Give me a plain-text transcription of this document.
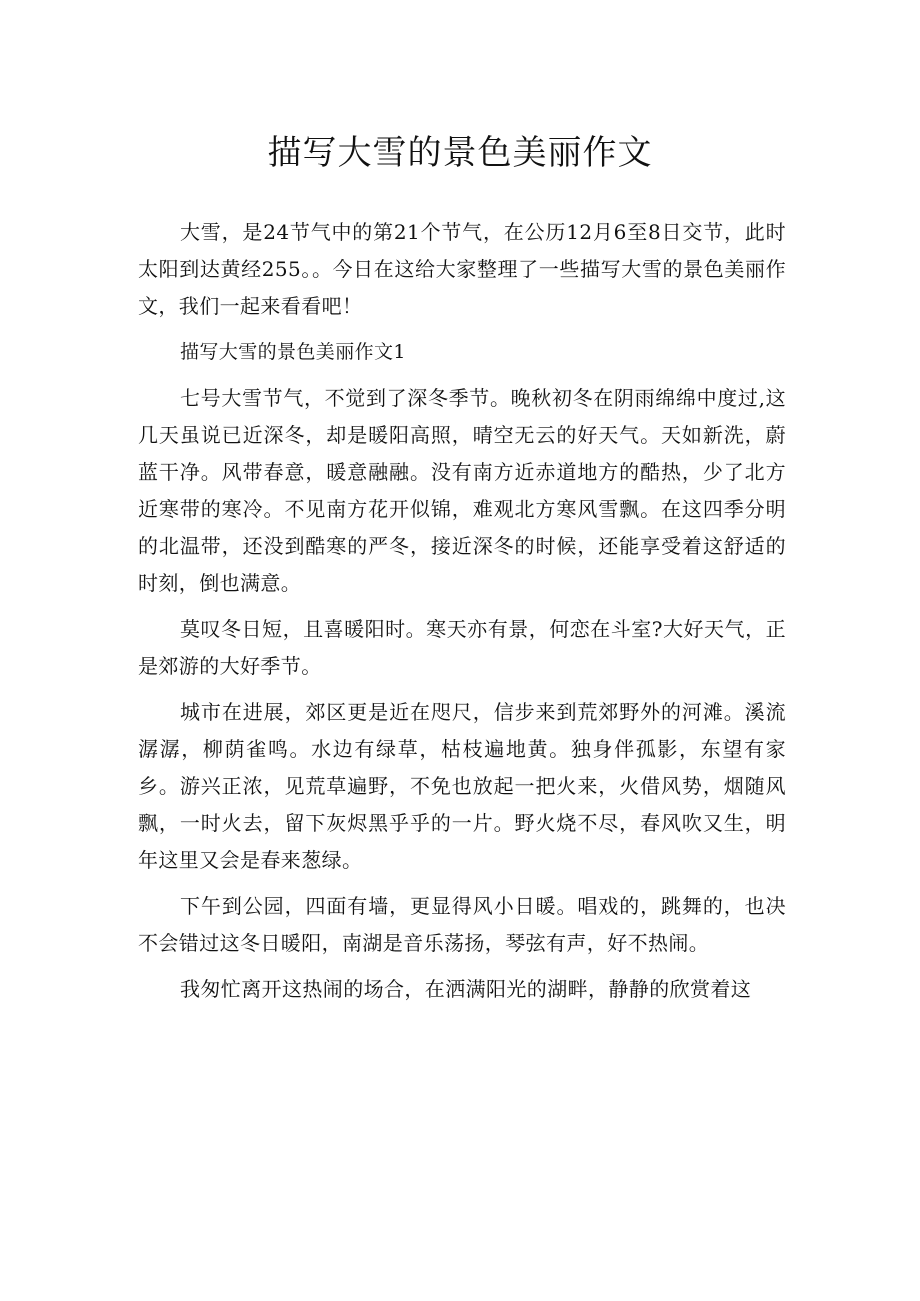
描写大雪的景色美丽作文

大雪，是24节气中的第21个节气，在公历12月6至8日交节，此时太阳到达黄经255。。今日在这给大家整理了一些描写大雪的景色美丽作文，我们一起来看看吧！

描写大雪的景色美丽作文1

七号大雪节气，不觉到了深冬季节。晚秋初冬在阴雨绵绵中度过,这几天虽说已近深冬，却是暖阳高照，晴空无云的好天气。天如新洗，蔚蓝干净。风带春意，暖意融融。没有南方近赤道地方的酷热，少了北方近寒带的寒冷。不见南方花开似锦，难观北方寒风雪飘。在这四季分明的北温带，还没到酷寒的严冬，接近深冬的时候，还能享受着这舒适的时刻，倒也满意。

莫叹冬日短，且喜暖阳时。寒天亦有景，何恋在斗室?大好天气，正是郊游的大好季节。

城市在进展，郊区更是近在咫尺，信步来到荒郊野外的河滩。溪流潺潺，柳荫雀鸣。水边有绿草，枯枝遍地黄。独身伴孤影，东望有家乡。游兴正浓，见荒草遍野，不免也放起一把火来，火借风势，烟随风飘，一时火去，留下灰烬黑乎乎的一片。野火烧不尽，春风吹又生，明年这里又会是春来葱绿。

下午到公园，四面有墙，更显得风小日暖。唱戏的，跳舞的，也决不会错过这冬日暖阳，南湖是音乐荡扬，琴弦有声，好不热闹。

我匆忙离开这热闹的场合，在洒满阳光的湖畔，静静的欣赏着这
